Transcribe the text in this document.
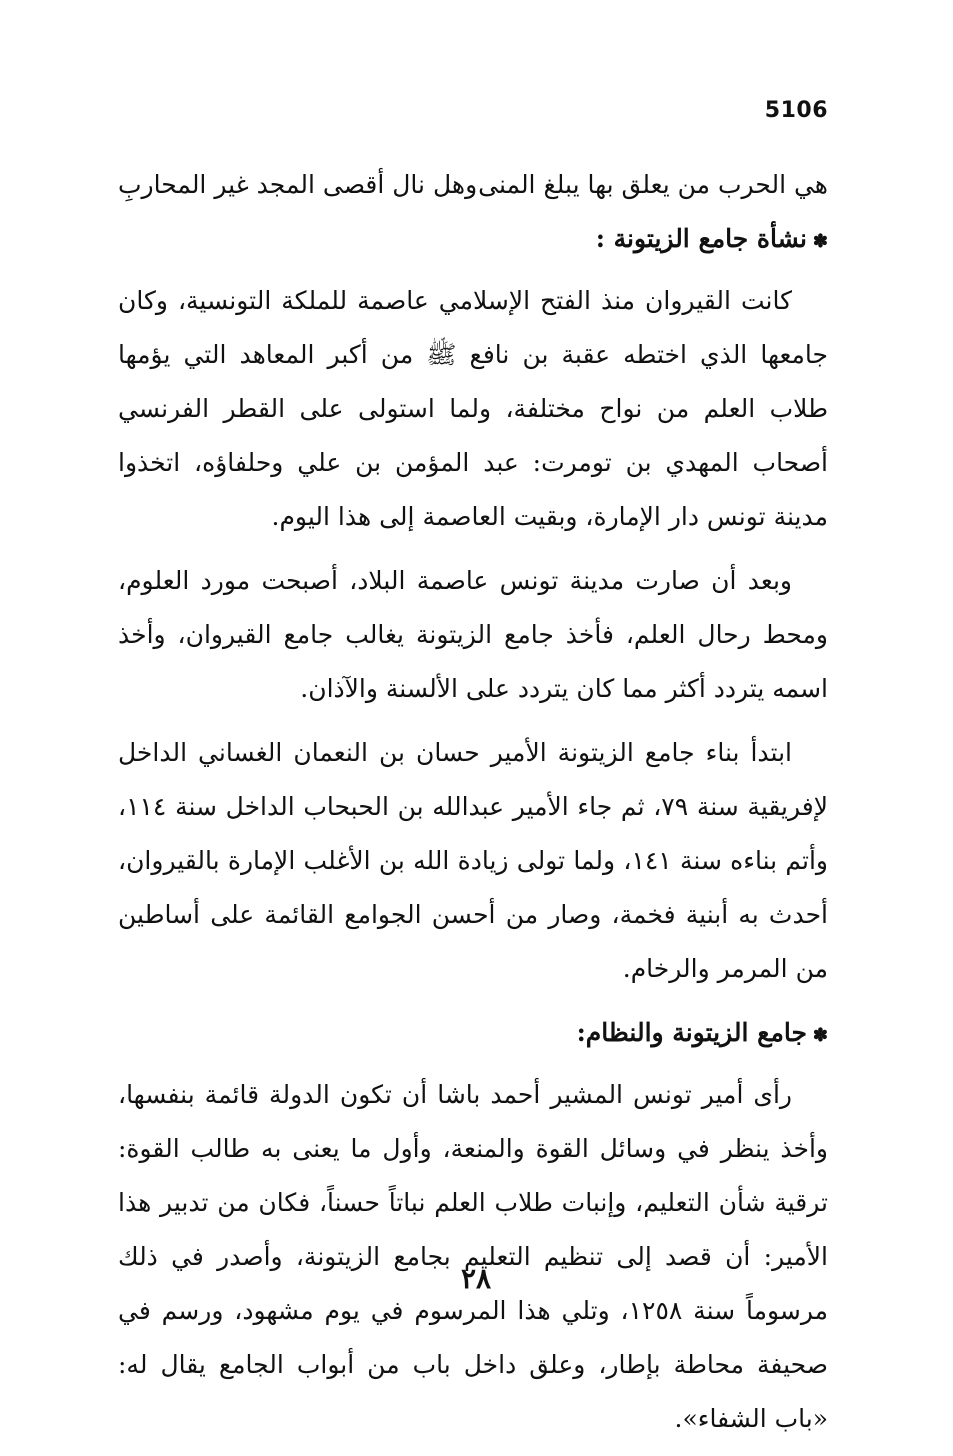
5106
هي الحرب من يعلق بها يبلغ المنى
وهل نال أقصى المجد غير المحاربِ
✽نشأة جامع الزيتونة :

كانت القيروان منذ الفتح الإسلامي عاصمة للملكة التونسية، وكان جامعها الذي اختطه عقبة بن نافع ﷺ من أكبر المعاهد التي يؤمها طلاب العلم من نواح مختلفة، ولما استولى على القطر الفرنسي أصحاب المهدي بن تومرت: عبد المؤمن بن علي وحلفاؤه، اتخذوا مدينة تونس دار الإمارة، وبقيت العاصمة إلى هذا اليوم.

وبعد أن صارت مدينة تونس عاصمة البلاد، أصبحت مورد العلوم، ومحط رحال العلم، فأخذ جامع الزيتونة يغالب جامع القيروان، وأخذ اسمه يتردد أكثر مما كان يتردد على الألسنة والآذان.

ابتدأ بناء جامع الزيتونة الأمير حسان بن النعمان الغساني الداخل لإفريقية سنة ٧٩، ثم جاء الأمير عبدالله بن الحبحاب الداخل سنة ١١٤، وأتم بناءه سنة ١٤١، ولما تولى زيادة الله بن الأغلب الإمارة بالقيروان، أحدث به أبنية فخمة، وصار من أحسن الجوامع القائمة على أساطين من المرمر والرخام.

✽جامع الزيتونة والنظام:

رأى أمير تونس المشير أحمد باشا أن تكون الدولة قائمة بنفسها، وأخذ ينظر في وسائل القوة والمنعة، وأول ما يعنى به طالب القوة: ترقية شأن التعليم، وإنبات طلاب العلم نباتاً حسناً، فكان من تدبير هذا الأمير: أن قصد إلى تنظيم التعليم بجامع الزيتونة، وأصدر في ذلك مرسوماً سنة ١٢٥٨، وتلي هذا المرسوم في يوم مشهود، ورسم في صحيفة محاطة بإطار، وعلق داخل باب من أبواب الجامع يقال له: «باب الشفاء».

٢٨
